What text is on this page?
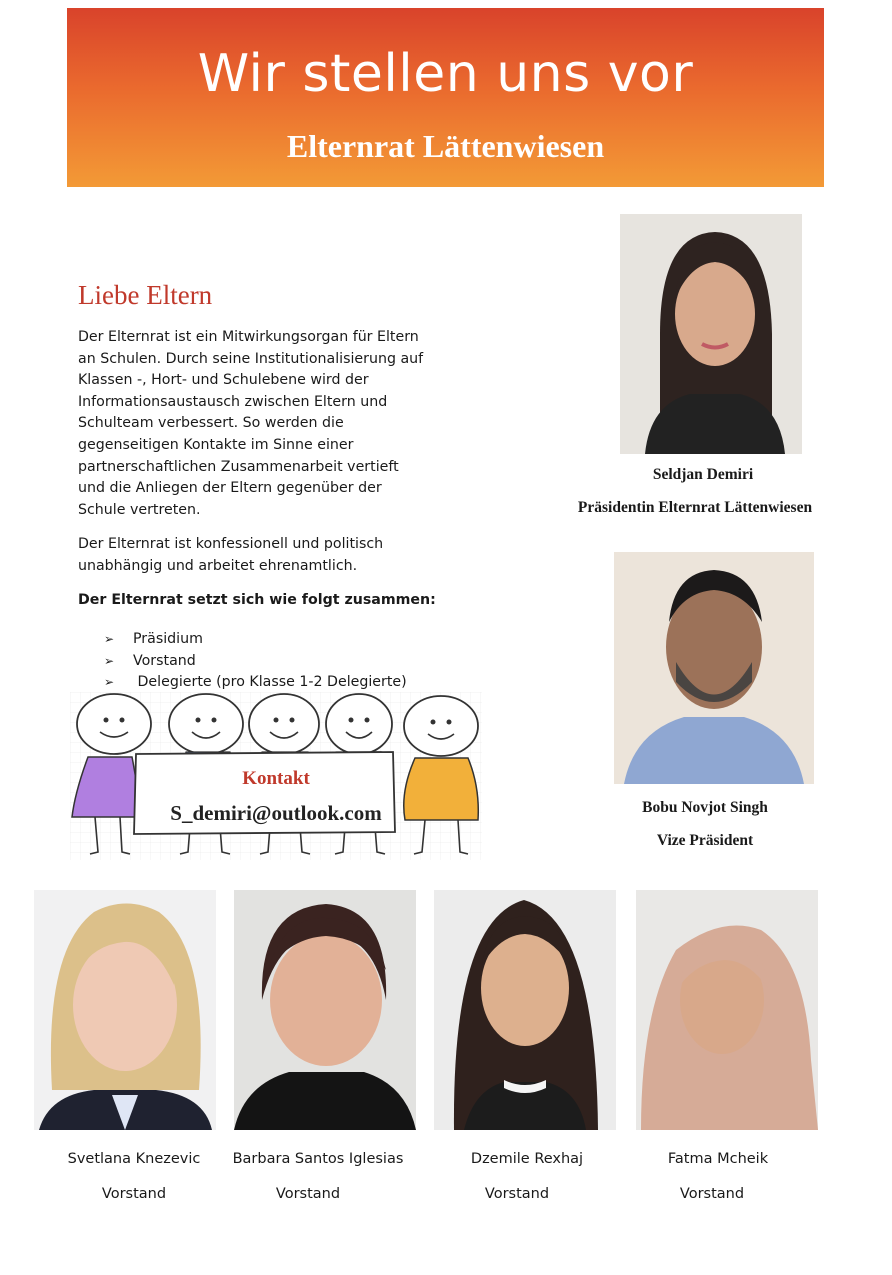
Wir stellen uns vor
Elternrat Lättenwiesen
Liebe Eltern

Der Elternrat ist ein Mitwirkungsorgan für Eltern an Schulen. Durch seine Institutionalisierung auf Klassen -, Hort- und Schulebene wird der Informationsaustausch zwischen Eltern und Schulteam verbessert. So werden die gegenseitigen Kontakte im Sinne einer partnerschaftlichen Zusammenarbeit vertieft und die Anliegen der Eltern gegenüber der Schule vertreten.

Der Elternrat ist konfessionell und politisch unabhängig und arbeitet ehrenamtlich.

Der Elternrat setzt sich wie folgt zusammen:
➢	Präsidium
➢	Vorstand
➢	Delegierte (pro Klasse 1-2 Delegierte)
Kontakt
S_demiri@outlook.com
Seldjan Demiri
Präsidentin Elternrat Lättenwiesen
Bobu Novjot Singh
Vize Präsident
Svetlana Knezevic
Vorstand
Barbara Santos Iglesias
Vorstand
Dzemile Rexhaj
Vorstand
Fatma Mcheik
Vorstand
